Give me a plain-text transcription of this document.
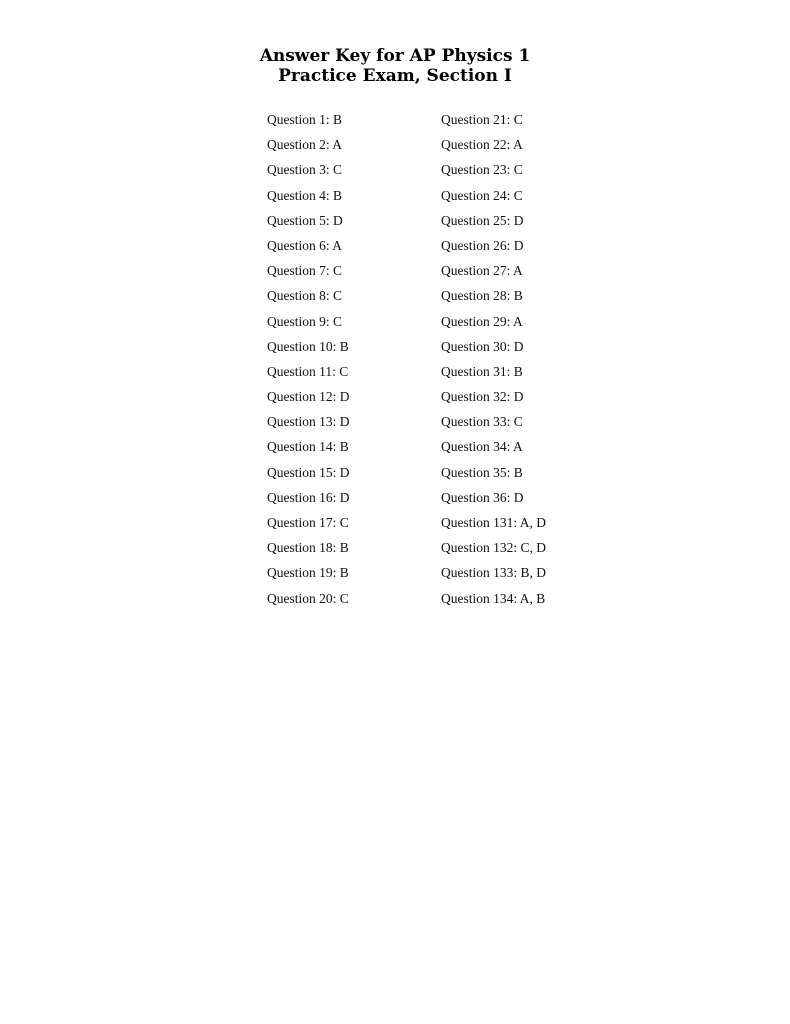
Answer Key for AP Physics 1
Practice Exam, Section I
Question 1: B
Question 2: A
Question 3: C
Question 4: B
Question 5: D
Question 6: A
Question 7: C
Question 8: C
Question 9: C
Question 10: B
Question 11: C
Question 12: D
Question 13: D
Question 14: B
Question 15: D
Question 16: D
Question 17: C
Question 18: B
Question 19: B
Question 20: C
Question 21: C
Question 22: A
Question 23: C
Question 24: C
Question 25: D
Question 26: D
Question 27: A
Question 28: B
Question 29: A
Question 30: D
Question 31: B
Question 32: D
Question 33: C
Question 34: A
Question 35: B
Question 36: D
Question 131: A, D
Question 132: C, D
Question 133: B, D
Question 134: A, B
